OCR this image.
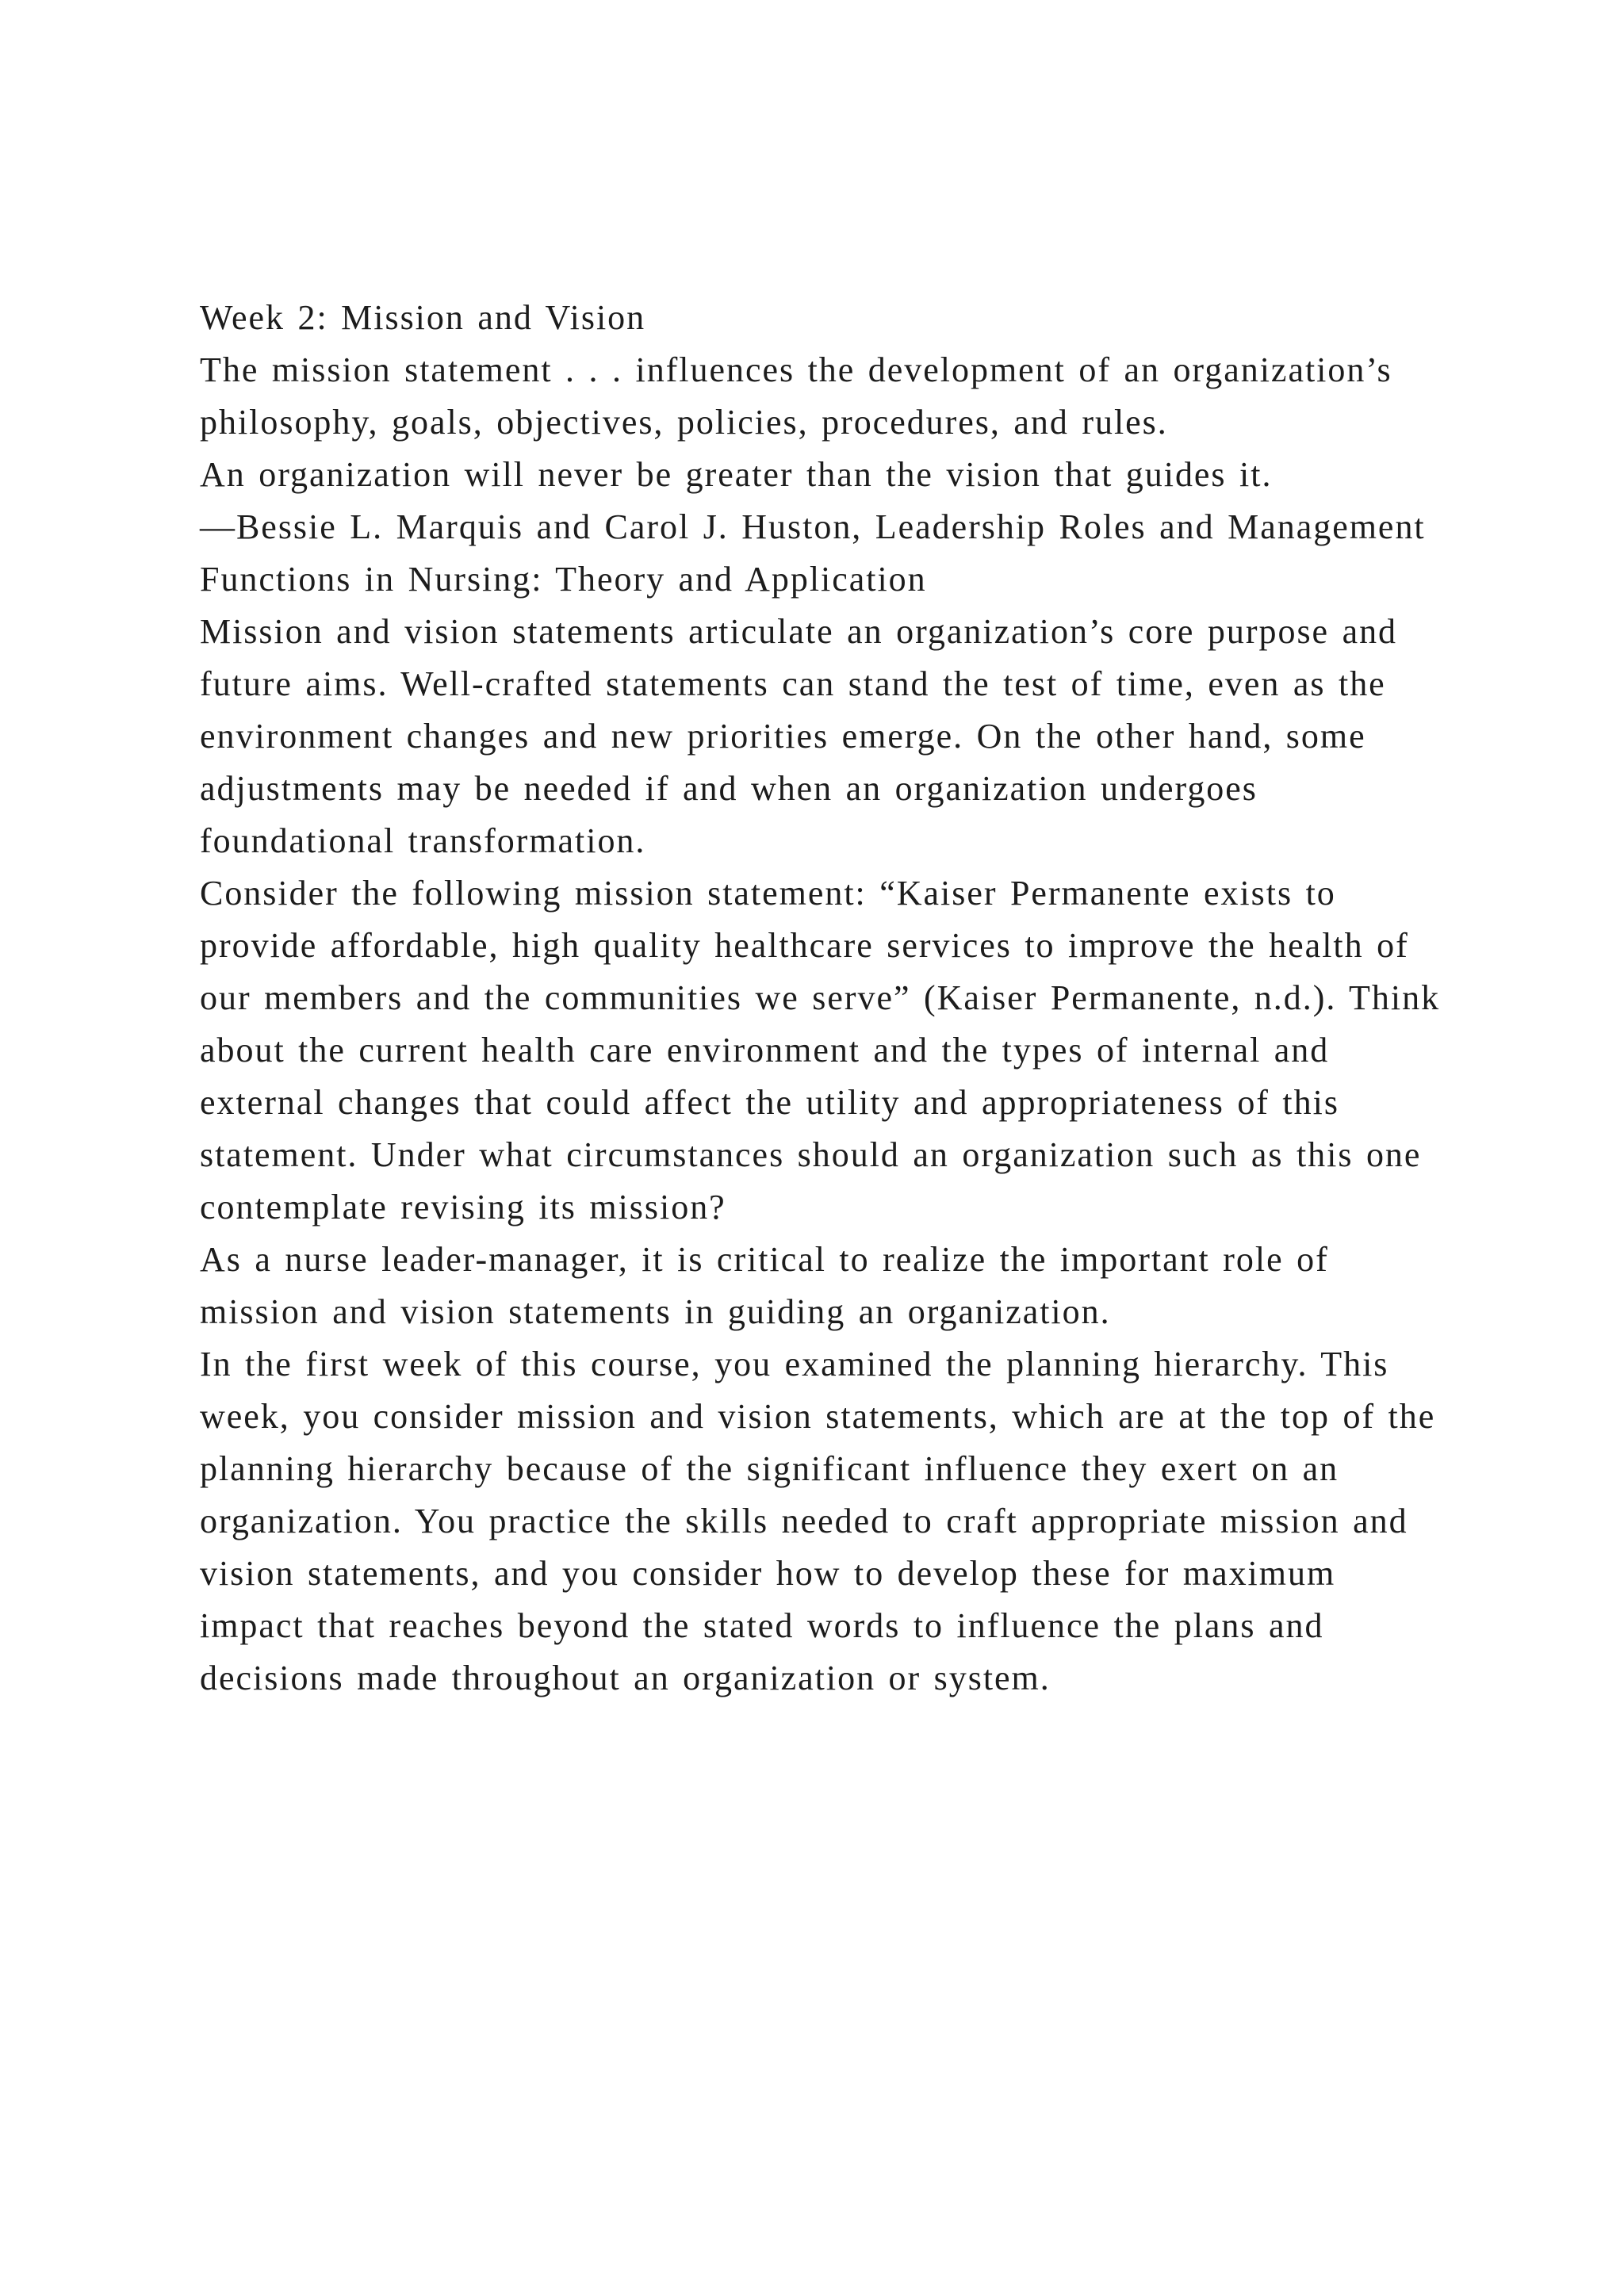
Week 2: Mission and Vision

The mission statement . . . influences the development of an organization’s philosophy, goals, objectives, policies, procedures, and rules.

An organization will never be greater than the vision that guides it.

—Bessie L. Marquis and Carol J. Huston, Leadership Roles and Management Functions in Nursing: Theory and Application

Mission and vision statements articulate an organization’s core purpose and future aims. Well-crafted statements can stand the test of time, even as the environment changes and new priorities emerge. On the other hand, some adjustments may be needed if and when an organization undergoes foundational transformation.

Consider the following mission statement: “Kaiser Permanente exists to provide affordable, high quality healthcare services to improve the health of our members and the communities we serve” (Kaiser Permanente, n.d.). Think about the current health care environment and the types of internal and external changes that could affect the utility and appropriateness of this statement. Under what circumstances should an organization such as this one contemplate revising its mission?

As a nurse leader-manager, it is critical to realize the important role of mission and vision statements in guiding an organization.

In the first week of this course, you examined the planning hierarchy. This week, you consider mission and vision statements, which are at the top of the planning hierarchy because of the significant influence they exert on an organization. You practice the skills needed to craft appropriate mission and vision statements, and you consider how to develop these for maximum impact that reaches beyond the stated words to influence the plans and decisions made throughout an organization or system.
